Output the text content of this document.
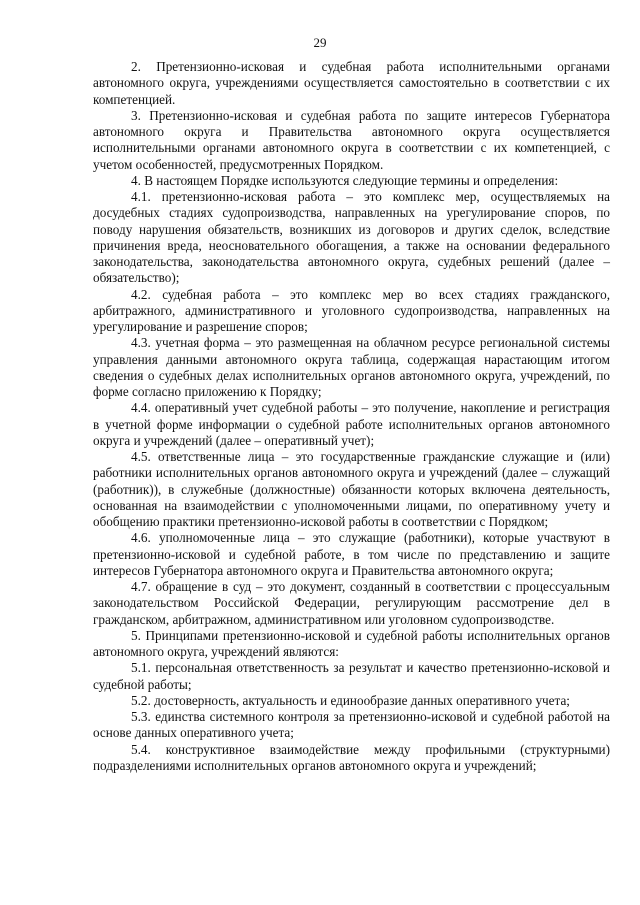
29

2. Претензионно-исковая и судебная работа исполнительными органами автономного округа, учреждениями осуществляется самостоятельно в соответствии с их компетенцией.

3. Претензионно-исковая и судебная работа по защите интересов Губернатора автономного округа и Правительства автономного округа осуществляется исполнительными органами автономного округа в соответствии с их компетенцией, с учетом особенностей, предусмотренных Порядком.

4. В настоящем Порядке используются следующие термины и определения:

4.1. претензионно-исковая работа – это комплекс мер, осуществляемых на досудебных стадиях судопроизводства, направленных на урегулирование споров, по поводу нарушения обязательств, возникших из договоров и других сделок, вследствие причинения вреда, неосновательного обогащения, а также на основании федерального законодательства, законодательства автономного округа, судебных решений (далее – обязательство);

4.2. судебная работа – это комплекс мер во всех стадиях гражданского, арбитражного, административного и уголовного судопроизводства, направленных на урегулирование и разрешение споров;

4.3. учетная форма – это размещенная на облачном ресурсе региональной системы управления данными автономного округа таблица, содержащая нарастающим итогом сведения о судебных делах исполнительных органов автономного округа, учреждений, по форме согласно приложению к Порядку;

4.4. оперативный учет судебной работы – это получение, накопление и регистрация в учетной форме информации о судебной работе исполнительных органов автономного округа и учреждений (далее – оперативный учет);

4.5. ответственные лица – это государственные гражданские служащие и (или) работники исполнительных органов автономного округа и учреждений (далее – служащий (работник)), в служебные (должностные) обязанности которых включена деятельность, основанная на взаимодействии с уполномоченными лицами, по оперативному учету и обобщению практики претензионно-исковой работы в соответствии с Порядком;

4.6. уполномоченные лица – это служащие (работники), которые участвуют в претензионно-исковой и судебной работе, в том числе по представлению и защите интересов Губернатора автономного округа и Правительства автономного округа;

4.7. обращение в суд – это документ, созданный в соответствии с процессуальным законодательством Российской Федерации, регулирующим рассмотрение дел в гражданском, арбитражном, административном или уголовном судопроизводстве.

5. Принципами претензионно-исковой и судебной работы исполнительных органов автономного округа, учреждений являются:

5.1. персональная ответственность за результат и качество претензионно-исковой и судебной работы;

5.2. достоверность, актуальность и единообразие данных оперативного учета;

5.3. единства системного контроля за претензионно-исковой и судебной работой на основе данных оперативного учета;

5.4. конструктивное взаимодействие между профильными (структурными) подразделениями исполнительных органов автономного округа и учреждений;
